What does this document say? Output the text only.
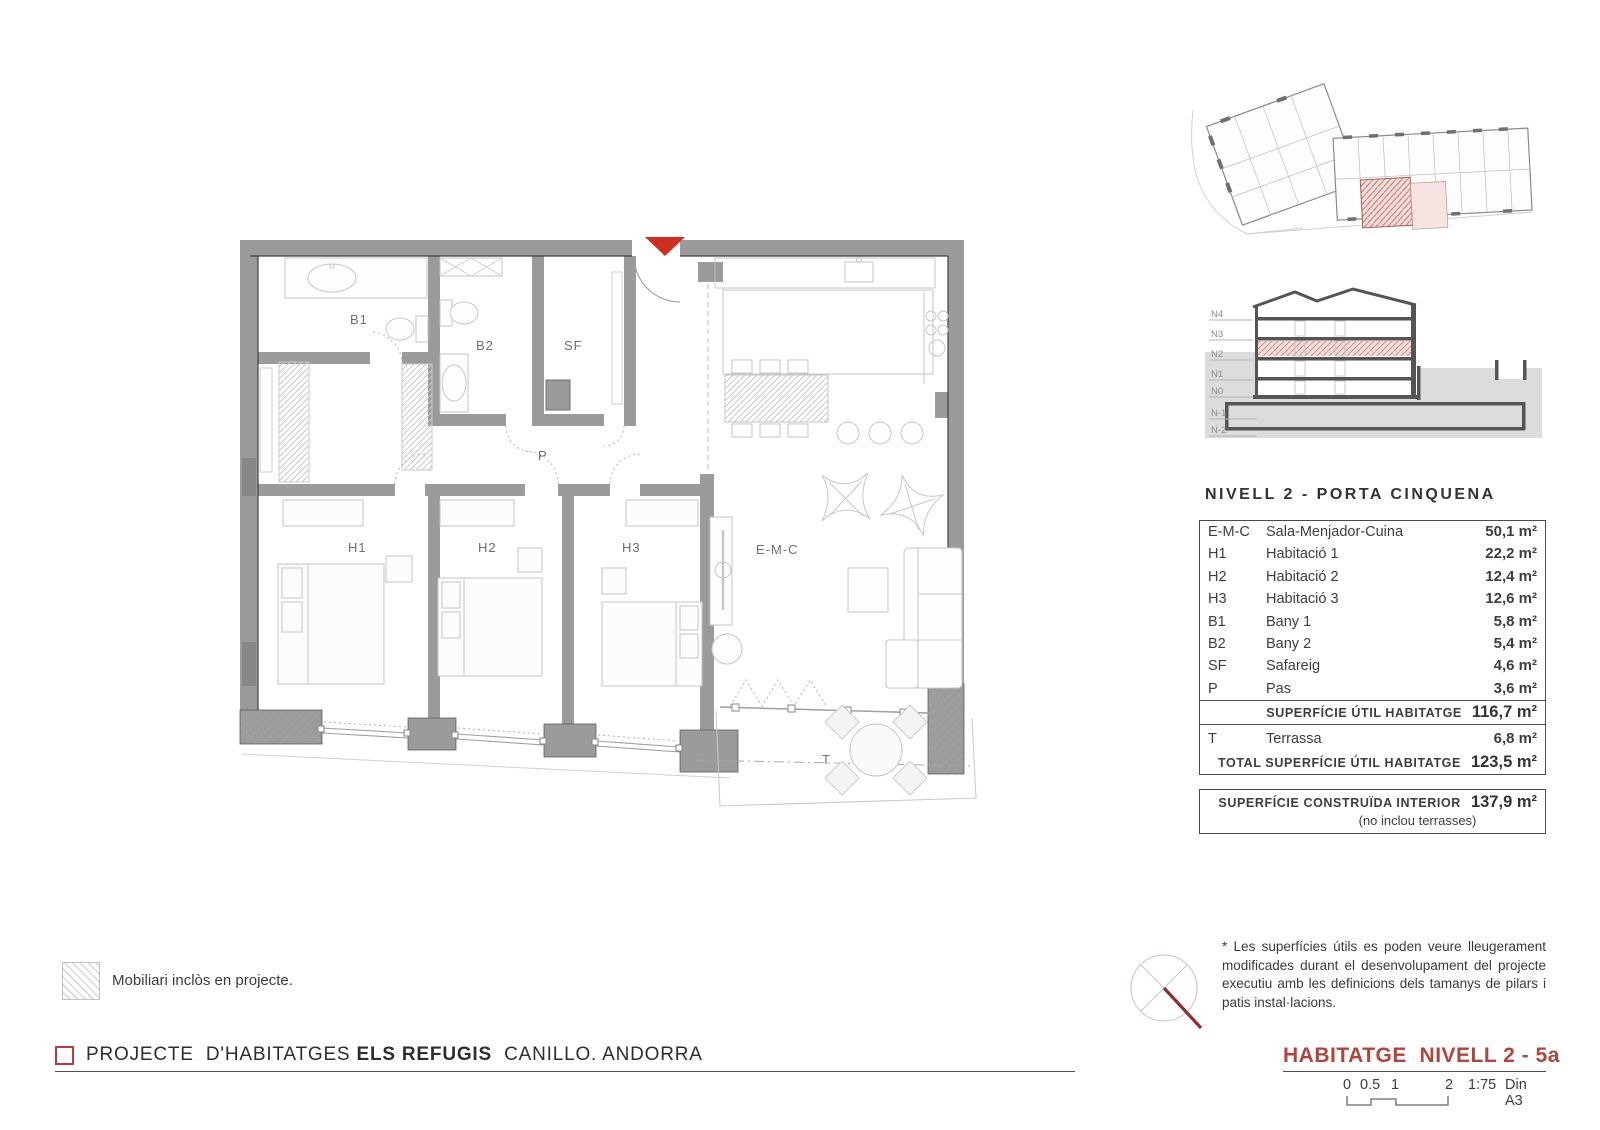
B1
B2	SF
P
H1	H2	H3	E-M-C
T
N4
N3
N2
N1
N0
N-1
N-2
NIVELL 2 - PORTA CINQUENA
E-M-C	Sala-Menjador-Cuina	50,1 m²
H1	Habitació 1	22,2 m²
H2	Habitació 2	12,4 m²
H3	Habitació 3	12,6 m²
B1	Bany 1	5,8 m²
B2	Bany 2	5,4 m²
SF	Safareig	4,6 m²
P	Pas	3,6 m²
SUPERFÍCIE ÚTIL HABITATGE 116,7 m²
T	Terrassa	6,8 m²
TOTAL SUPERFÍCIE ÚTIL HABITATGE 123,5 m²
SUPERFÍCIE CONSTRUÏDA INTERIOR 137,9 m²
(no inclou terrasses)
Mobiliari inclòs en projecte.
PROJECTE  D'HABITATGES ELS REFUGIS CANILLO. ANDORRA
* Les superfícies útils es poden veure lleugerament modificades durant el desenvolupament del projecte executiu amb les definicions dels tamanys de pilars i patis instal·lacions.
HABITATGE  NIVELL 2 - 5a
0 0.5 1	2 1:75 Din A3
